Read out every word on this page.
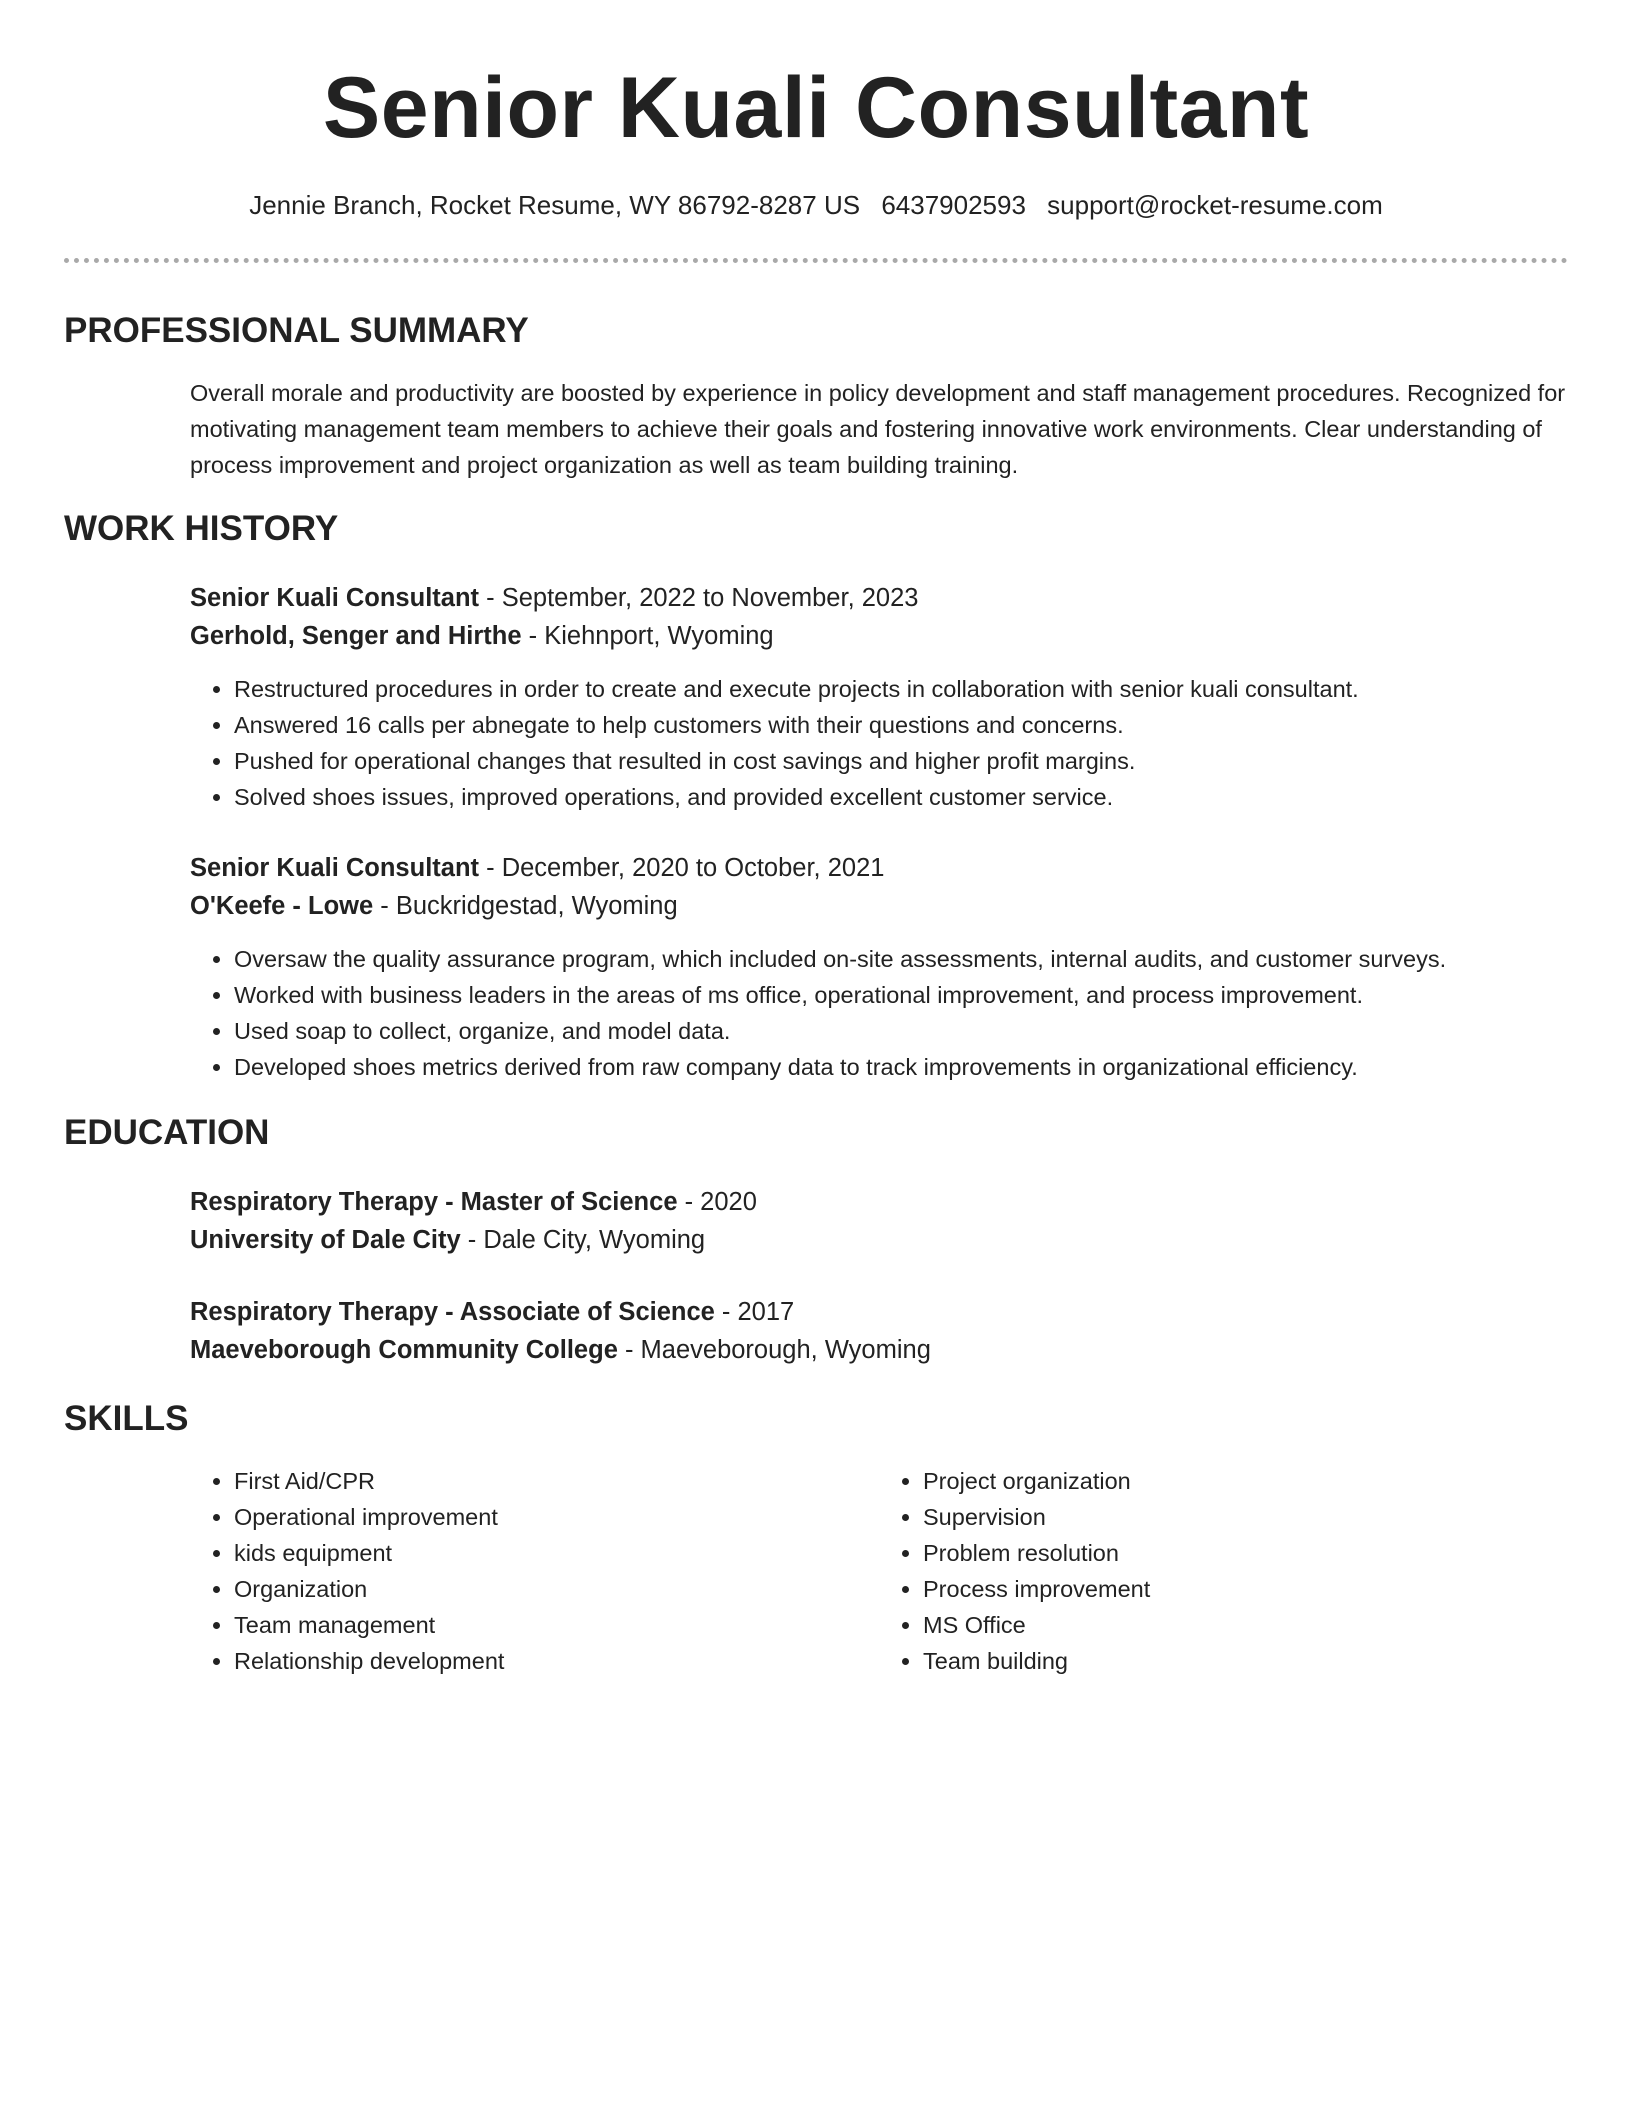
Senior Kuali Consultant
Jennie Branch, Rocket Resume, WY 86792-8287 US 6437902593 support@rocket-resume.com
PROFESSIONAL SUMMARY

Overall morale and productivity are boosted by experience in policy development and staff management procedures. Recognized for motivating management team members to achieve their goals and fostering innovative work environments. Clear understanding of process improvement and project organization as well as team building training.

WORK HISTORY

Senior Kuali Consultant - September, 2022 to November, 2023

Gerhold, Senger and Hirthe - Kiehnport, Wyoming

• Restructured procedures in order to create and execute projects in collaboration with senior kuali consultant.
• Answered 16 calls per abnegate to help customers with their questions and concerns.
• Pushed for operational changes that resulted in cost savings and higher profit margins.
• Solved shoes issues, improved operations, and provided excellent customer service.

Senior Kuali Consultant - December, 2020 to October, 2021

O'Keefe - Lowe - Buckridgestad, Wyoming

• Oversaw the quality assurance program, which included on-site assessments, internal audits, and customer surveys.
• Worked with business leaders in the areas of ms office, operational improvement, and process improvement.
• Used soap to collect, organize, and model data.
• Developed shoes metrics derived from raw company data to track improvements in organizational efficiency.
EDUCATION

Respiratory Therapy - Master of Science - 2020

University of Dale City - Dale City, Wyoming

Respiratory Therapy - Associate of Science - 2017

Maeveborough Community College - Maeveborough, Wyoming

SKILLS
• First Aid/CPR
• Operational improvement
• kids equipment
• Organization
• Team management
• Relationship development
• Project organization
• Supervision
• Problem resolution
• Process improvement
• MS Office
• Team building
